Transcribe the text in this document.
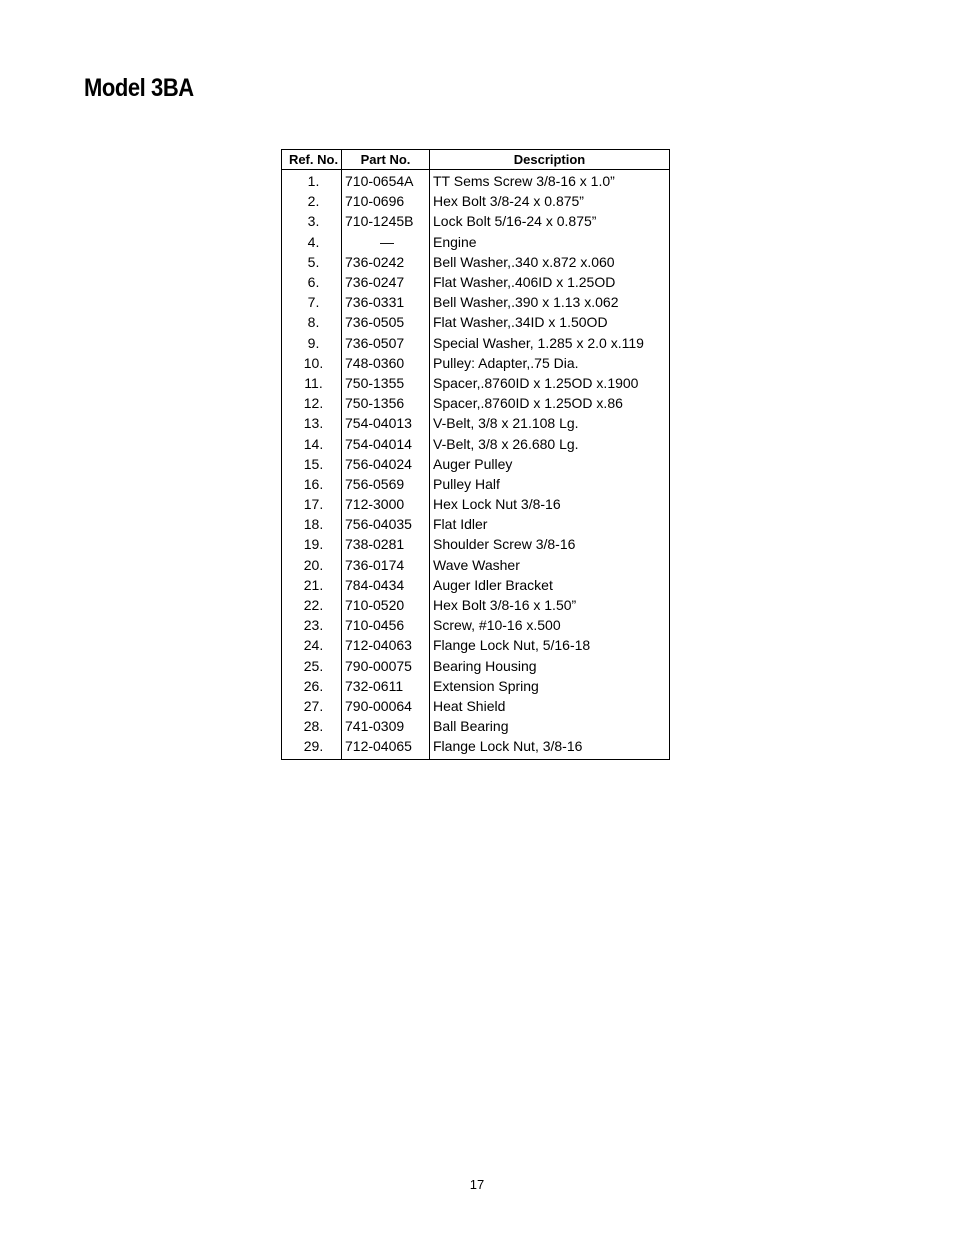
Model 3BA
Ref. No.	Part No.	Description
1.	710-0654A	TT Sems Screw 3/8-16 x 1.0”
2.	710-0696	Hex Bolt 3/8-24 x 0.875”
3.	710-1245B	Lock Bolt 5/16-24 x 0.875”
4.	—	Engine
5.	736-0242	Bell Washer,.340 x.872 x.060
6.	736-0247	Flat Washer,.406ID x 1.25OD
7.	736-0331	Bell Washer,.390 x 1.13 x.062
8.	736-0505	Flat Washer,.34ID x 1.50OD
9.	736-0507	Special Washer, 1.285 x 2.0 x.119
10.	748-0360	Pulley: Adapter,.75 Dia.
11.	750-1355	Spacer,.8760ID x 1.25OD x.1900
12.	750-1356	Spacer,.8760ID x 1.25OD x.86
13.	754-04013	V-Belt, 3/8 x 21.108 Lg.
14.	754-04014	V-Belt, 3/8 x 26.680 Lg.
15.	756-04024	Auger Pulley
16.	756-0569	Pulley Half
17.	712-3000	Hex Lock Nut 3/8-16
18.	756-04035	Flat Idler
19.	738-0281	Shoulder Screw 3/8-16
20.	736-0174	Wave Washer
21.	784-0434	Auger Idler Bracket
22.	710-0520	Hex Bolt 3/8-16 x 1.50”
23.	710-0456	Screw, #10-16 x.500
24.	712-04063	Flange Lock Nut, 5/16-18
25.	790-00075	Bearing Housing
26.	732-0611	Extension Spring
27.	790-00064	Heat Shield
28.	741-0309	Ball Bearing
29.	712-04065	Flange Lock Nut, 3/8-16
17
